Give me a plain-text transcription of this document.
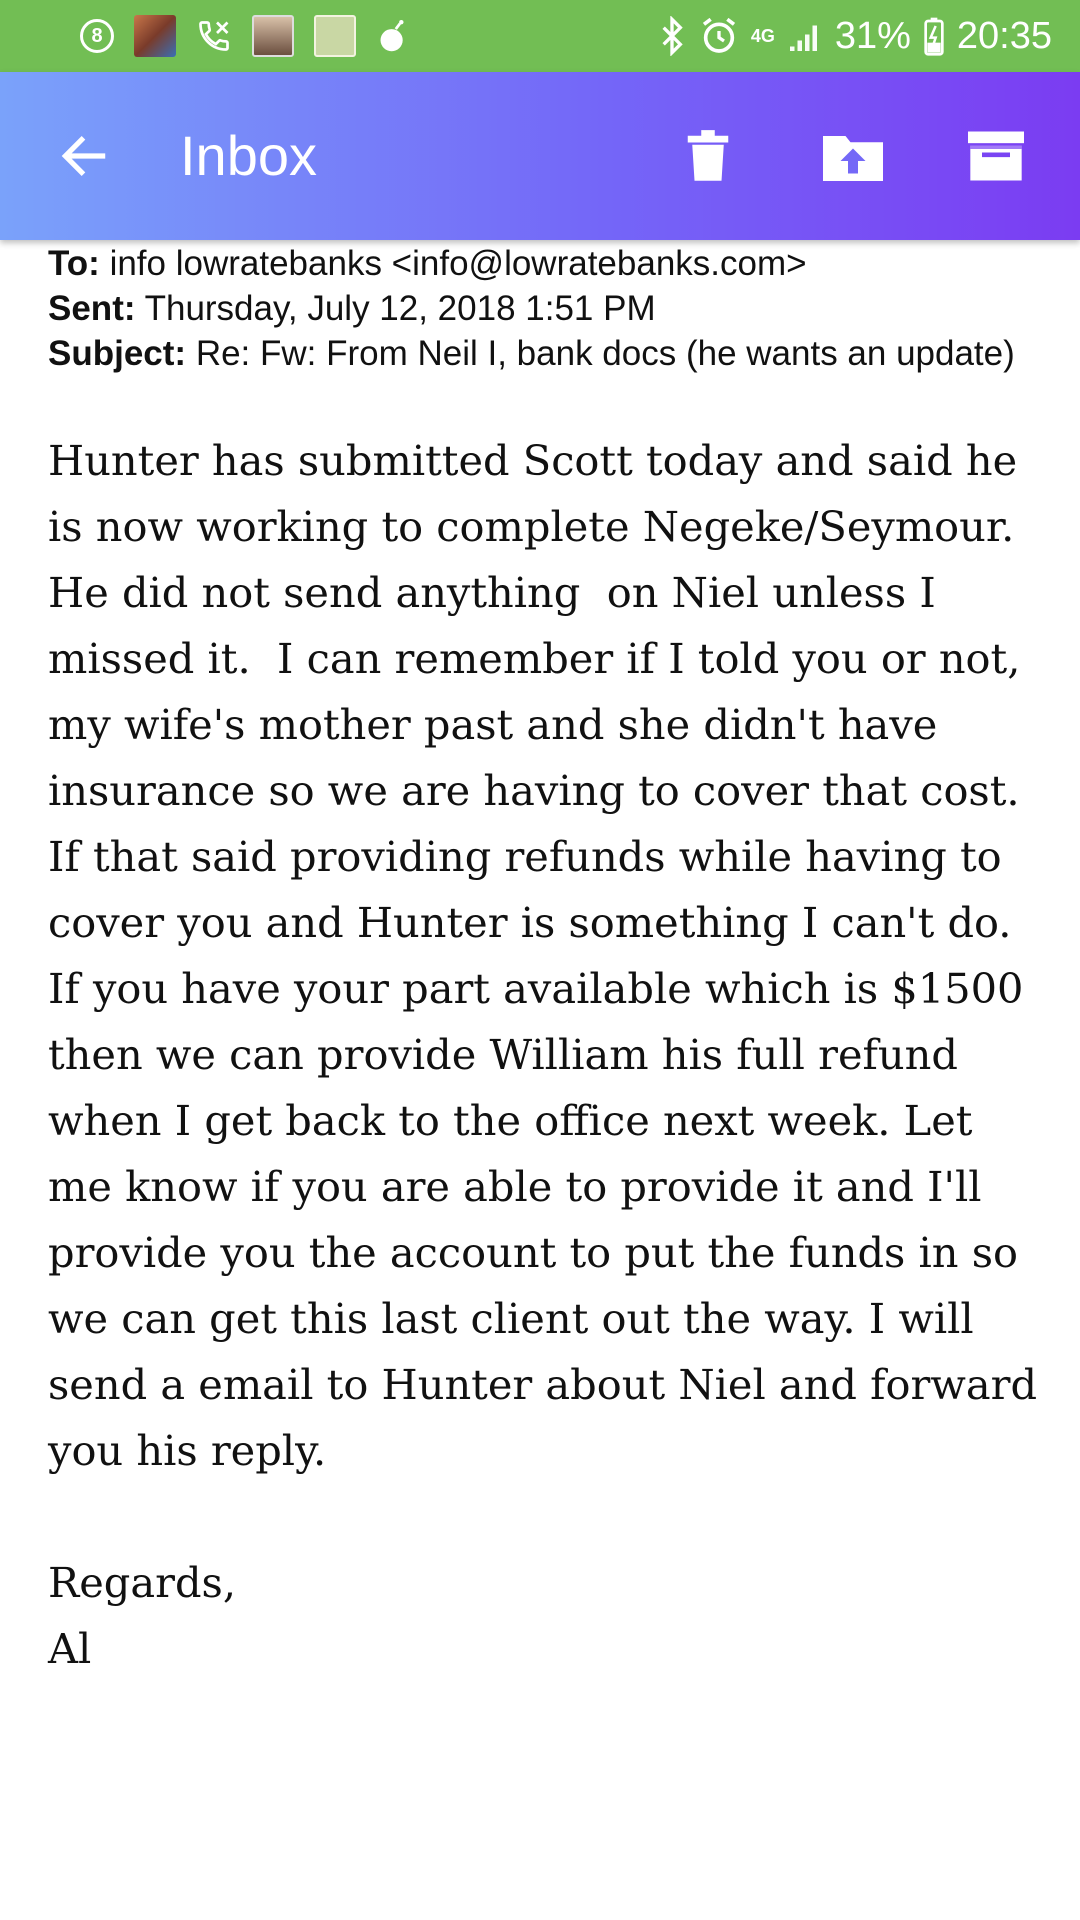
8	4G 31% 20:35
Inbox
To: info lowratebanks <info@lowratebanks.com>
Sent: Thursday, July 12, 2018 1:51 PM
Subject: Re: Fw: From Neil I, bank docs (he wants an update)

Hunter has submitted Scott today and said he is now working to complete Negeke/Seymour.  He did not send anything  on Niel unless I missed it.  I can remember if I told you or not, my wife's mother past and she didn't have insurance so we are having to cover that cost.  If that said providing refunds while having to cover you and Hunter is something I can't do.  If you have your part available which is $1500 then we can provide William his full refund when I get back to the office next week. Let me know if you are able to provide it and I'll provide you the account to put the funds in so we can get this last client out the way. I will send a email to Hunter about Niel and forward you his reply.

Regards,
Al
